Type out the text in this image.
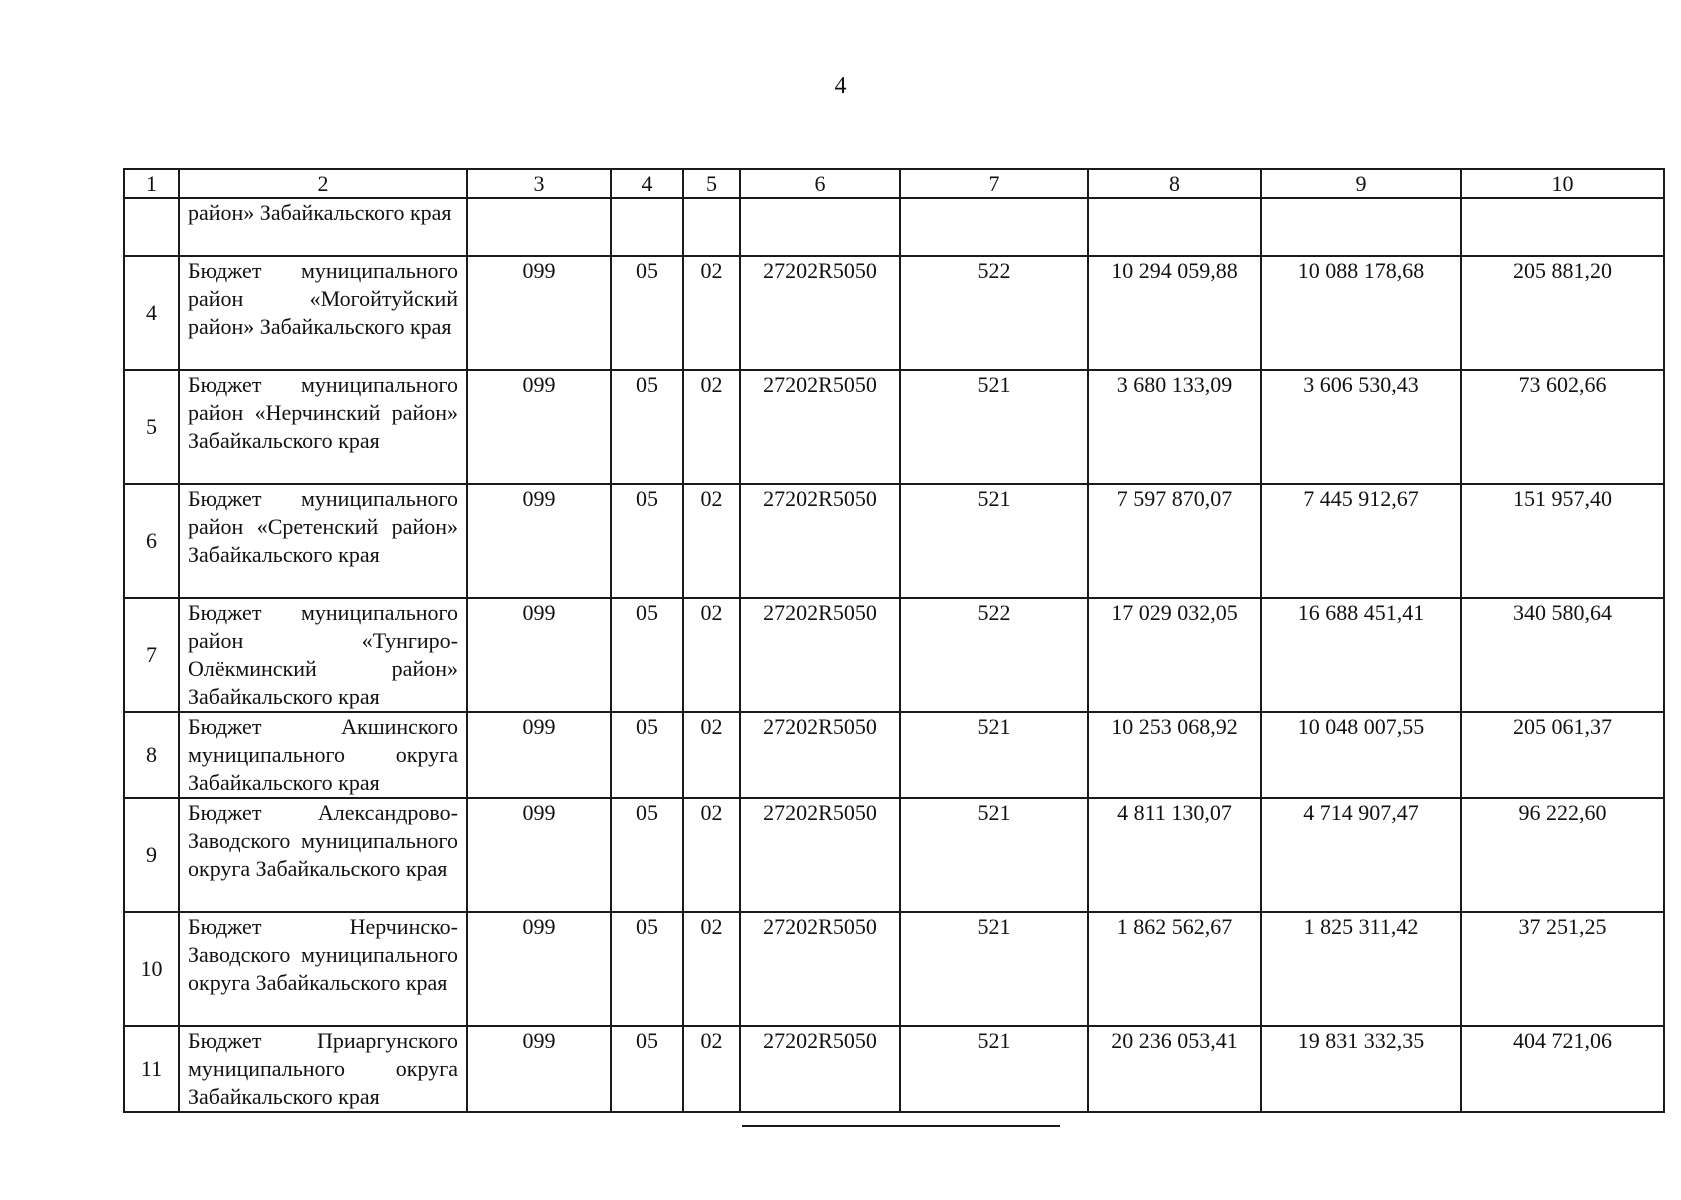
4
1	2	3	4	5	6	7	8	9	10
	район» Забайкальского края								
4	Бюджет муниципального район «Могойтуйский район» Забайкальского края	099	05	02	27202R5050	522	10 294 059,88	10 088 178,68	205 881,20
5	Бюджет муниципального район «Нерчинский район» Забайкальского края	099	05	02	27202R5050	521	3 680 133,09	3 606 530,43	73 602,66
6	Бюджет муниципального район «Сретенский район» Забайкальского края	099	05	02	27202R5050	521	7 597 870,07	7 445 912,67	151 957,40
7	Бюджет муниципального район «Тунгиро-Олёкминский район» Забайкальского края	099	05	02	27202R5050	522	17 029 032,05	16 688 451,41	340 580,64
8	Бюджет Акшинского муниципального округа Забайкальского края	099	05	02	27202R5050	521	10 253 068,92	10 048 007,55	205 061,37
9	Бюджет Александрово-Заводского муниципального округа Забайкальского края	099	05	02	27202R5050	521	4 811 130,07	4 714 907,47	96 222,60
10	Бюджет Нерчинско-Заводского муниципального округа Забайкальского края	099	05	02	27202R5050	521	1 862 562,67	1 825 311,42	37 251,25
11	Бюджет Приаргунского муниципального округа Забайкальского края	099	05	02	27202R5050	521	20 236 053,41	19 831 332,35	404 721,06
